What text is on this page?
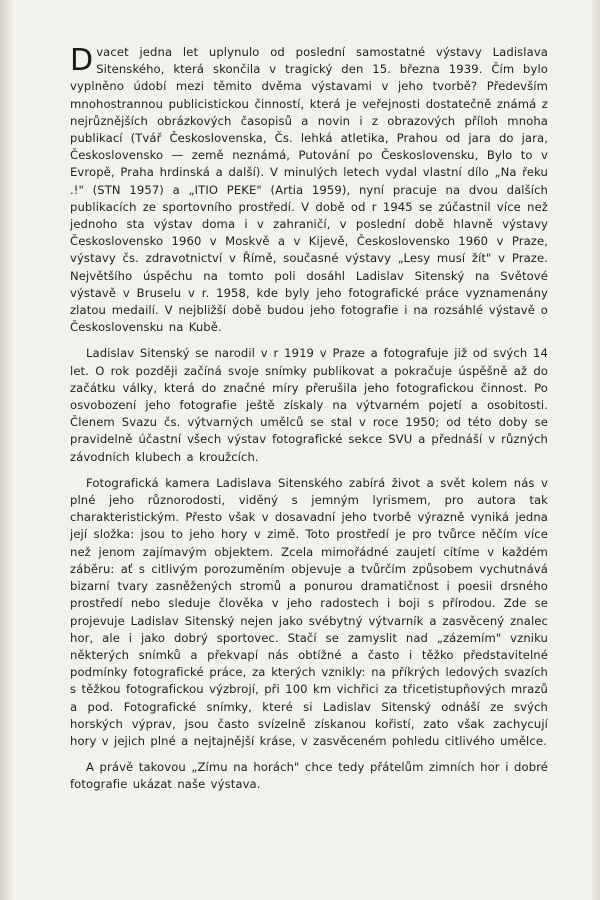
Dvacet jedna let uplynulo od poslední samostatné výstavy Ladislava Sitenského, která skončila v tragický den 15. března 1939. Čím bylo vyplněno údobí mezi těmito dvěma výstavami v jeho tvorbě? Především mnohostrannou publicistickou činností, která je veřejnosti dostatečně známá z nejrůznějších obrázkových časopisů a novin i z obrazových příloh mnoha publikací (Tvář Československa, Čs. lehká atletika, Prahou od jara do jara, Československo — země neznámá, Putování po Československu, Bylo to v Evropě, Praha hrdinská a další). V minulých letech vydal vlastní dílo „Na řeku .!" (STN 1957) a „ITIO PEKE" (Artia 1959), nyní pracuje na dvou dalších publikacích ze sportovního prostředí. V době od r 1945 se zúčastnil více než jednoho sta výstav doma i v zahraničí, v poslední době hlavně výstavy Československo 1960 v Moskvě a v Kijevě, Československo 1960 v Praze, výstavy čs. zdravotnictví v Římě, současné výstavy „Lesy musí žít" v Praze. Největšího úspěchu na tomto poli dosáhl Ladislav Sitenský na Světové výstavě v Bruselu v r. 1958, kde byly jeho fotografické práce vyznamenány zlatou medailí. V nejbližší době budou jeho fotografie i na rozsáhlé výstavě o Československu na Kubě.

Ladislav Sitenský se narodil v r 1919 v Praze a fotografuje již od svých 14 let. O rok později začíná svoje snímky publikovat a pokračuje úspěšně až do začátku války, která do značné míry přerušila jeho fotografickou činnost. Po osvobození jeho fotografie ještě získaly na výtvarném pojetí a osobitosti. Členem Svazu čs. výtvarných umělců se stal v roce 1950; od této doby se pravidelně účastní všech výstav fotografické sekce SVU a přednáší v různých závodních klubech a kroužcích.

Fotografická kamera Ladislava Sitenského zabírá život a svět kolem nás v plné jeho různorodosti, viděný s jemným lyrismem, pro autora tak charakteristickým. Přesto však v dosavadní jeho tvorbě výrazně vyniká jedna její složka: jsou to jeho hory v zimě. Toto prostředí je pro tvůrce něčím více než jenom zajímavým objektem. Zcela mimořádné zaujetí cítíme v každém záběru: ať s citlivým porozuměním objevuje a tvůrčím způsobem vychutnává bizarní tvary zasněžených stromů a ponurou dramatičnost i poesii drsného prostředí nebo sleduje člověka v jeho radostech i boji s přírodou. Zde se projevuje Ladislav Sitenský nejen jako svébytný výtvarník a zasvěcený znalec hor, ale i jako dobrý sportovec. Stačí se zamyslit nad „zázemím" vzniku některých snímků a překvapí nás obtížné a často i těžko představitelné podmínky fotografické práce, za kterých vznikly: na příkrých ledových svazích s těžkou fotografickou výzbrojí, při 100 km vichřici za třicetistupňových mrazů a pod. Fotografické snímky, které si Ladislav Sitenský odnáší ze svých horských výprav, jsou často svízelně získanou kořistí, zato však zachycují hory v jejich plné a nejtajnější kráse, v zasvěceném pohledu citlivého umělce.

A právě takovou „Zímu na horách" chce tedy přátelům zimních hor i dobré fotografie ukázat naše výstava.
